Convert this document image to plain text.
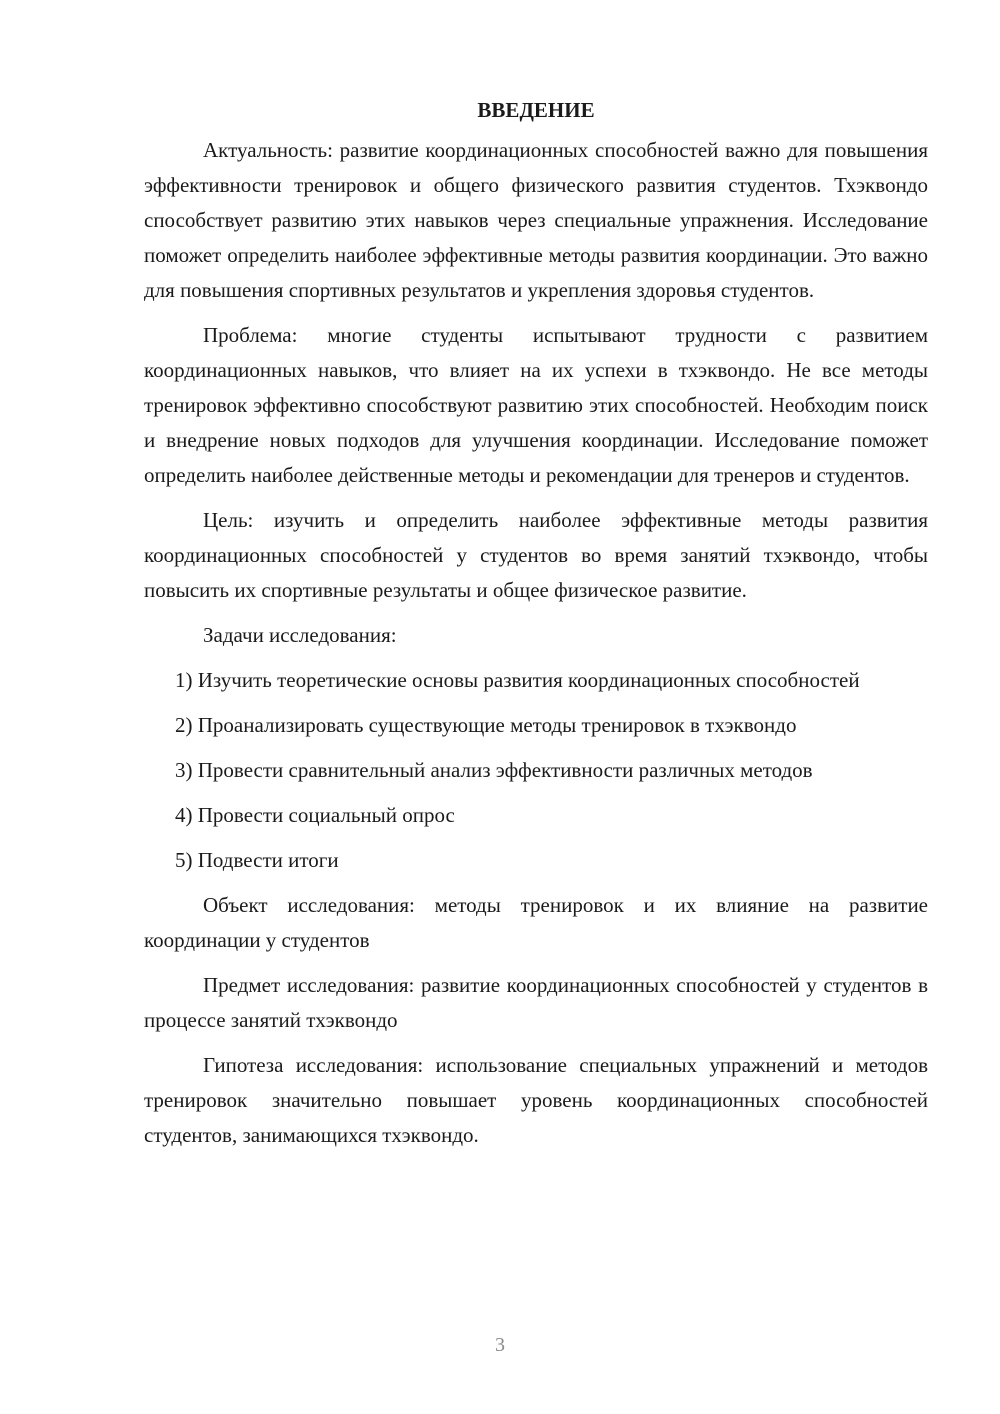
ВВЕДЕНИЕ

Актуальность: развитие координационных способностей важно для повышения эффективности тренировок и общего физического развития студентов. Тхэквондо способствует развитию этих навыков через специальные упражнения. Исследование поможет определить наиболее эффективные методы развития координации. Это важно для повышения спортивных результатов и укрепления здоровья студентов.

Проблема: многие студенты испытывают трудности с развитием координационных навыков, что влияет на их успехи в тхэквондо. Не все методы тренировок эффективно способствуют развитию этих способностей. Необходим поиск и внедрение новых подходов для улучшения координации. Исследование поможет определить наиболее действенные методы и рекомендации для тренеров и студентов.

Цель: изучить и определить наиболее эффективные методы развития координационных способностей у студентов во время занятий тхэквондо, чтобы повысить их спортивные результаты и общее физическое развитие.

Задачи исследования:

1) Изучить теоретические основы развития координационных способностей

2) Проанализировать существующие методы тренировок в тхэквондо

3) Провести сравнительный анализ эффективности различных методов

4) Провести социальный опрос

5) Подвести итоги

Объект исследования: методы тренировок и их влияние на развитие координации у студентов

Предмет исследования: развитие координационных способностей у студентов в процессе занятий тхэквондо

Гипотеза исследования: использование специальных упражнений и методов тренировок значительно повышает уровень координационных способностей студентов, занимающихся тхэквондо.

3
